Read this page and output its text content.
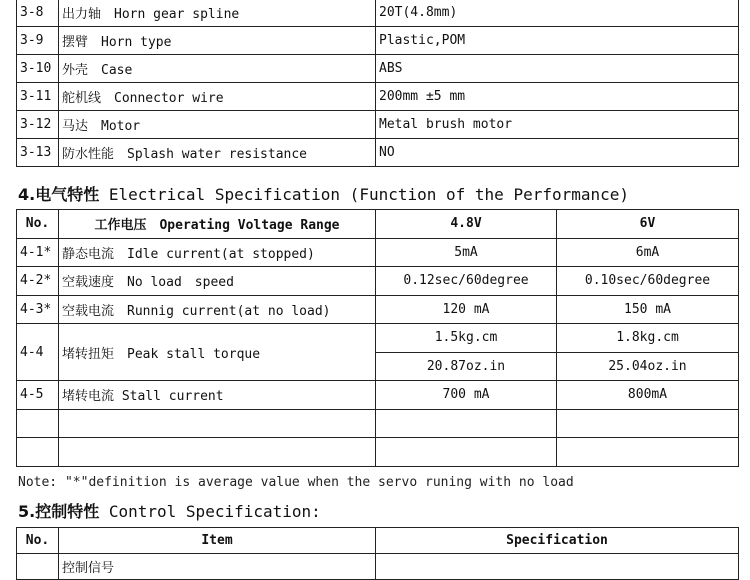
3-8	出力轴　Horn gear spline	20T(4.8mm)
3-9	摆臂　Horn type	Plastic,POM
3-10	外壳　Case	ABS
3-11	舵机线　Connector wire	200mm ±5 mm
3-12	马达　Motor	Metal brush motor
3-13	防水性能　Splash water resistance	NO
4.电气特性 Electrical Specification (Function of the Performance)
No.	工作电压　Operating Voltage Range	4.8V	6V
4-1*	静态电流　Idle current(at stopped)	5mA	6mA
4-2*	空载速度　No load　speed	0.12sec/60degree	0.10sec/60degree
4-3*	空载电流　Runnig current(at no load)	120 mA	150 mA
4-4	堵转扭矩　Peak stall torque	1.5kg.cm	1.8kg.cm
		20.87oz.in	25.04oz.in
4-5	堵转电流 Stall current	700 mA	800mA

Note: "*"definition is average value when the servo runing with no load
5.控制特性 Control Specification:
No.	Item	Specification
	控制信号	
